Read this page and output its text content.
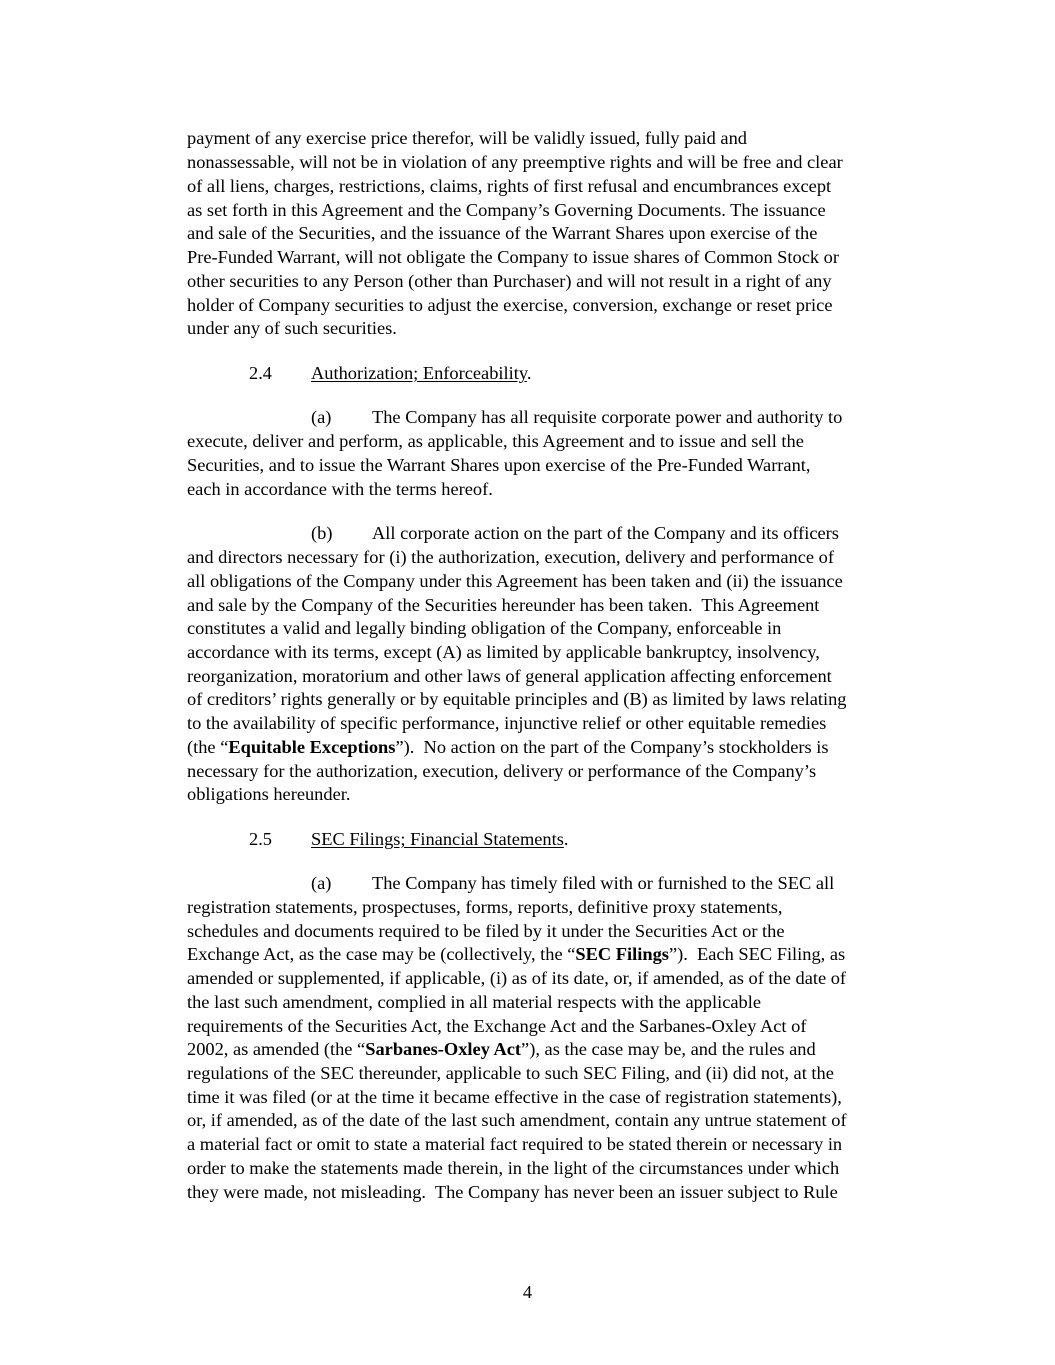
payment of any exercise price therefor, will be validly issued, fully paid and
nonassessable, will not be in violation of any preemptive rights and will be free and clear
of all liens, charges, restrictions, claims, rights of first refusal and encumbrances except
as set forth in this Agreement and the Company’s Governing Documents. The issuance
and sale of the Securities, and the issuance of the Warrant Shares upon exercise of the
Pre-Funded Warrant, will not obligate the Company to issue shares of Common Stock or
other securities to any Person (other than Purchaser) and will not result in a right of any
holder of Company securities to adjust the exercise, conversion, exchange or reset price
under any of such securities.
2.4 Authorization; Enforceability.
(a) The Company has all requisite corporate power and authority to
execute, deliver and perform, as applicable, this Agreement and to issue and sell the
Securities, and to issue the Warrant Shares upon exercise of the Pre-Funded Warrant,
each in accordance with the terms hereof.
(b) All corporate action on the part of the Company and its officers
and directors necessary for (i) the authorization, execution, delivery and performance of
all obligations of the Company under this Agreement has been taken and (ii) the issuance
and sale by the Company of the Securities hereunder has been taken.  This Agreement
constitutes a valid and legally binding obligation of the Company, enforceable in
accordance with its terms, except (A) as limited by applicable bankruptcy, insolvency,
reorganization, moratorium and other laws of general application affecting enforcement
of creditors’ rights generally or by equitable principles and (B) as limited by laws relating
to the availability of specific performance, injunctive relief or other equitable remedies
(the “Equitable Exceptions”).  No action on the part of the Company’s stockholders is
necessary for the authorization, execution, delivery or performance of the Company’s
obligations hereunder.
2.5 SEC Filings; Financial Statements.
(a) The Company has timely filed with or furnished to the SEC all
registration statements, prospectuses, forms, reports, definitive proxy statements,
schedules and documents required to be filed by it under the Securities Act or the
Exchange Act, as the case may be (collectively, the “SEC Filings”).  Each SEC Filing, as
amended or supplemented, if applicable, (i) as of its date, or, if amended, as of the date of
the last such amendment, complied in all material respects with the applicable
requirements of the Securities Act, the Exchange Act and the Sarbanes-Oxley Act of
2002, as amended (the “Sarbanes-Oxley Act”), as the case may be, and the rules and
regulations of the SEC thereunder, applicable to such SEC Filing, and (ii) did not, at the
time it was filed (or at the time it became effective in the case of registration statements),
or, if amended, as of the date of the last such amendment, contain any untrue statement of
a material fact or omit to state a material fact required to be stated therein or necessary in
order to make the statements made therein, in the light of the circumstances under which
they were made, not misleading.  The Company has never been an issuer subject to Rule
4
